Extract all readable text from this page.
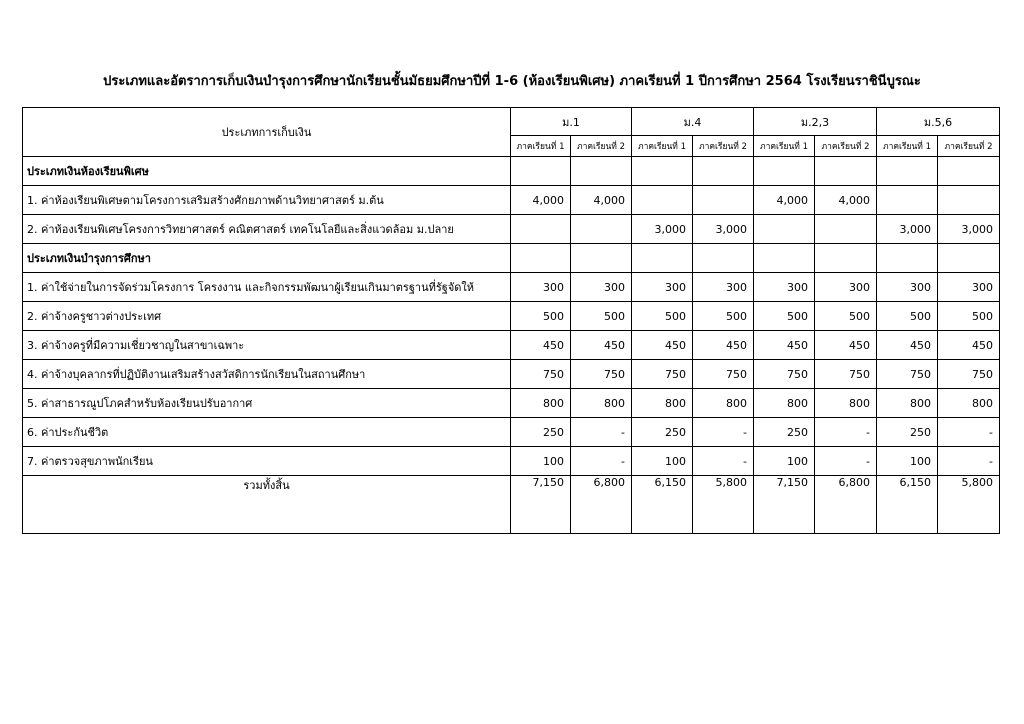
ประเภทและอัตราการเก็บเงินบำรุงการศึกษานักเรียนชั้นมัธยมศึกษาปีที่ 1-6 (ห้องเรียนพิเศษ) ภาคเรียนที่ 1 ปีการศึกษา 2564 โรงเรียนราชินีบูรณะ
ประเภทการเก็บเงิน	ม.1		ม.4		ม.2,3		ม.5,6	
	ภาคเรียนที่ 1	ภาคเรียนที่ 2	ภาคเรียนที่ 1	ภาคเรียนที่ 2	ภาคเรียนที่ 1	ภาคเรียนที่ 2	ภาคเรียนที่ 1	ภาคเรียนที่ 2
ประเภทเงินห้องเรียนพิเศษ								
1. ค่าห้องเรียนพิเศษตามโครงการเสริมสร้างศักยภาพด้านวิทยาศาสตร์ ม.ต้น	4,000	4,000			4,000	4,000		
2. ค่าห้องเรียนพิเศษโครงการวิทยาศาสตร์ คณิตศาสตร์ เทคโนโลยีและสิ่งแวดล้อม ม.ปลาย			3,000	3,000			3,000	3,000
ประเภทเงินบำรุงการศึกษา								
1. ค่าใช้จ่ายในการจัดร่วมโครงการ โครงงาน และกิจกรรมพัฒนาผู้เรียนเกินมาตรฐานที่รัฐจัดให้	300	300	300	300	300	300	300	300
2. ค่าจ้างครูชาวต่างประเทศ	500	500	500	500	500	500	500	500
3. ค่าจ้างครูที่มีความเชี่ยวชาญในสาขาเฉพาะ	450	450	450	450	450	450	450	450
4. ค่าจ้างบุคลากรที่ปฏิบัติงานเสริมสร้างสวัสดิการนักเรียนในสถานศึกษา	750	750	750	750	750	750	750	750
5. ค่าสาธารณูปโภคสำหรับห้องเรียนปรับอากาศ	800	800	800	800	800	800	800	800
6. ค่าประกันชีวิต	250	-	250	-	250	-	250	-
7. ค่าตรวจสุขภาพนักเรียน	100	-	100	-	100	-	100	-
รวมทั้งสิ้น	7,150	6,800	6,150	5,800	7,150	6,800	6,150	5,800
